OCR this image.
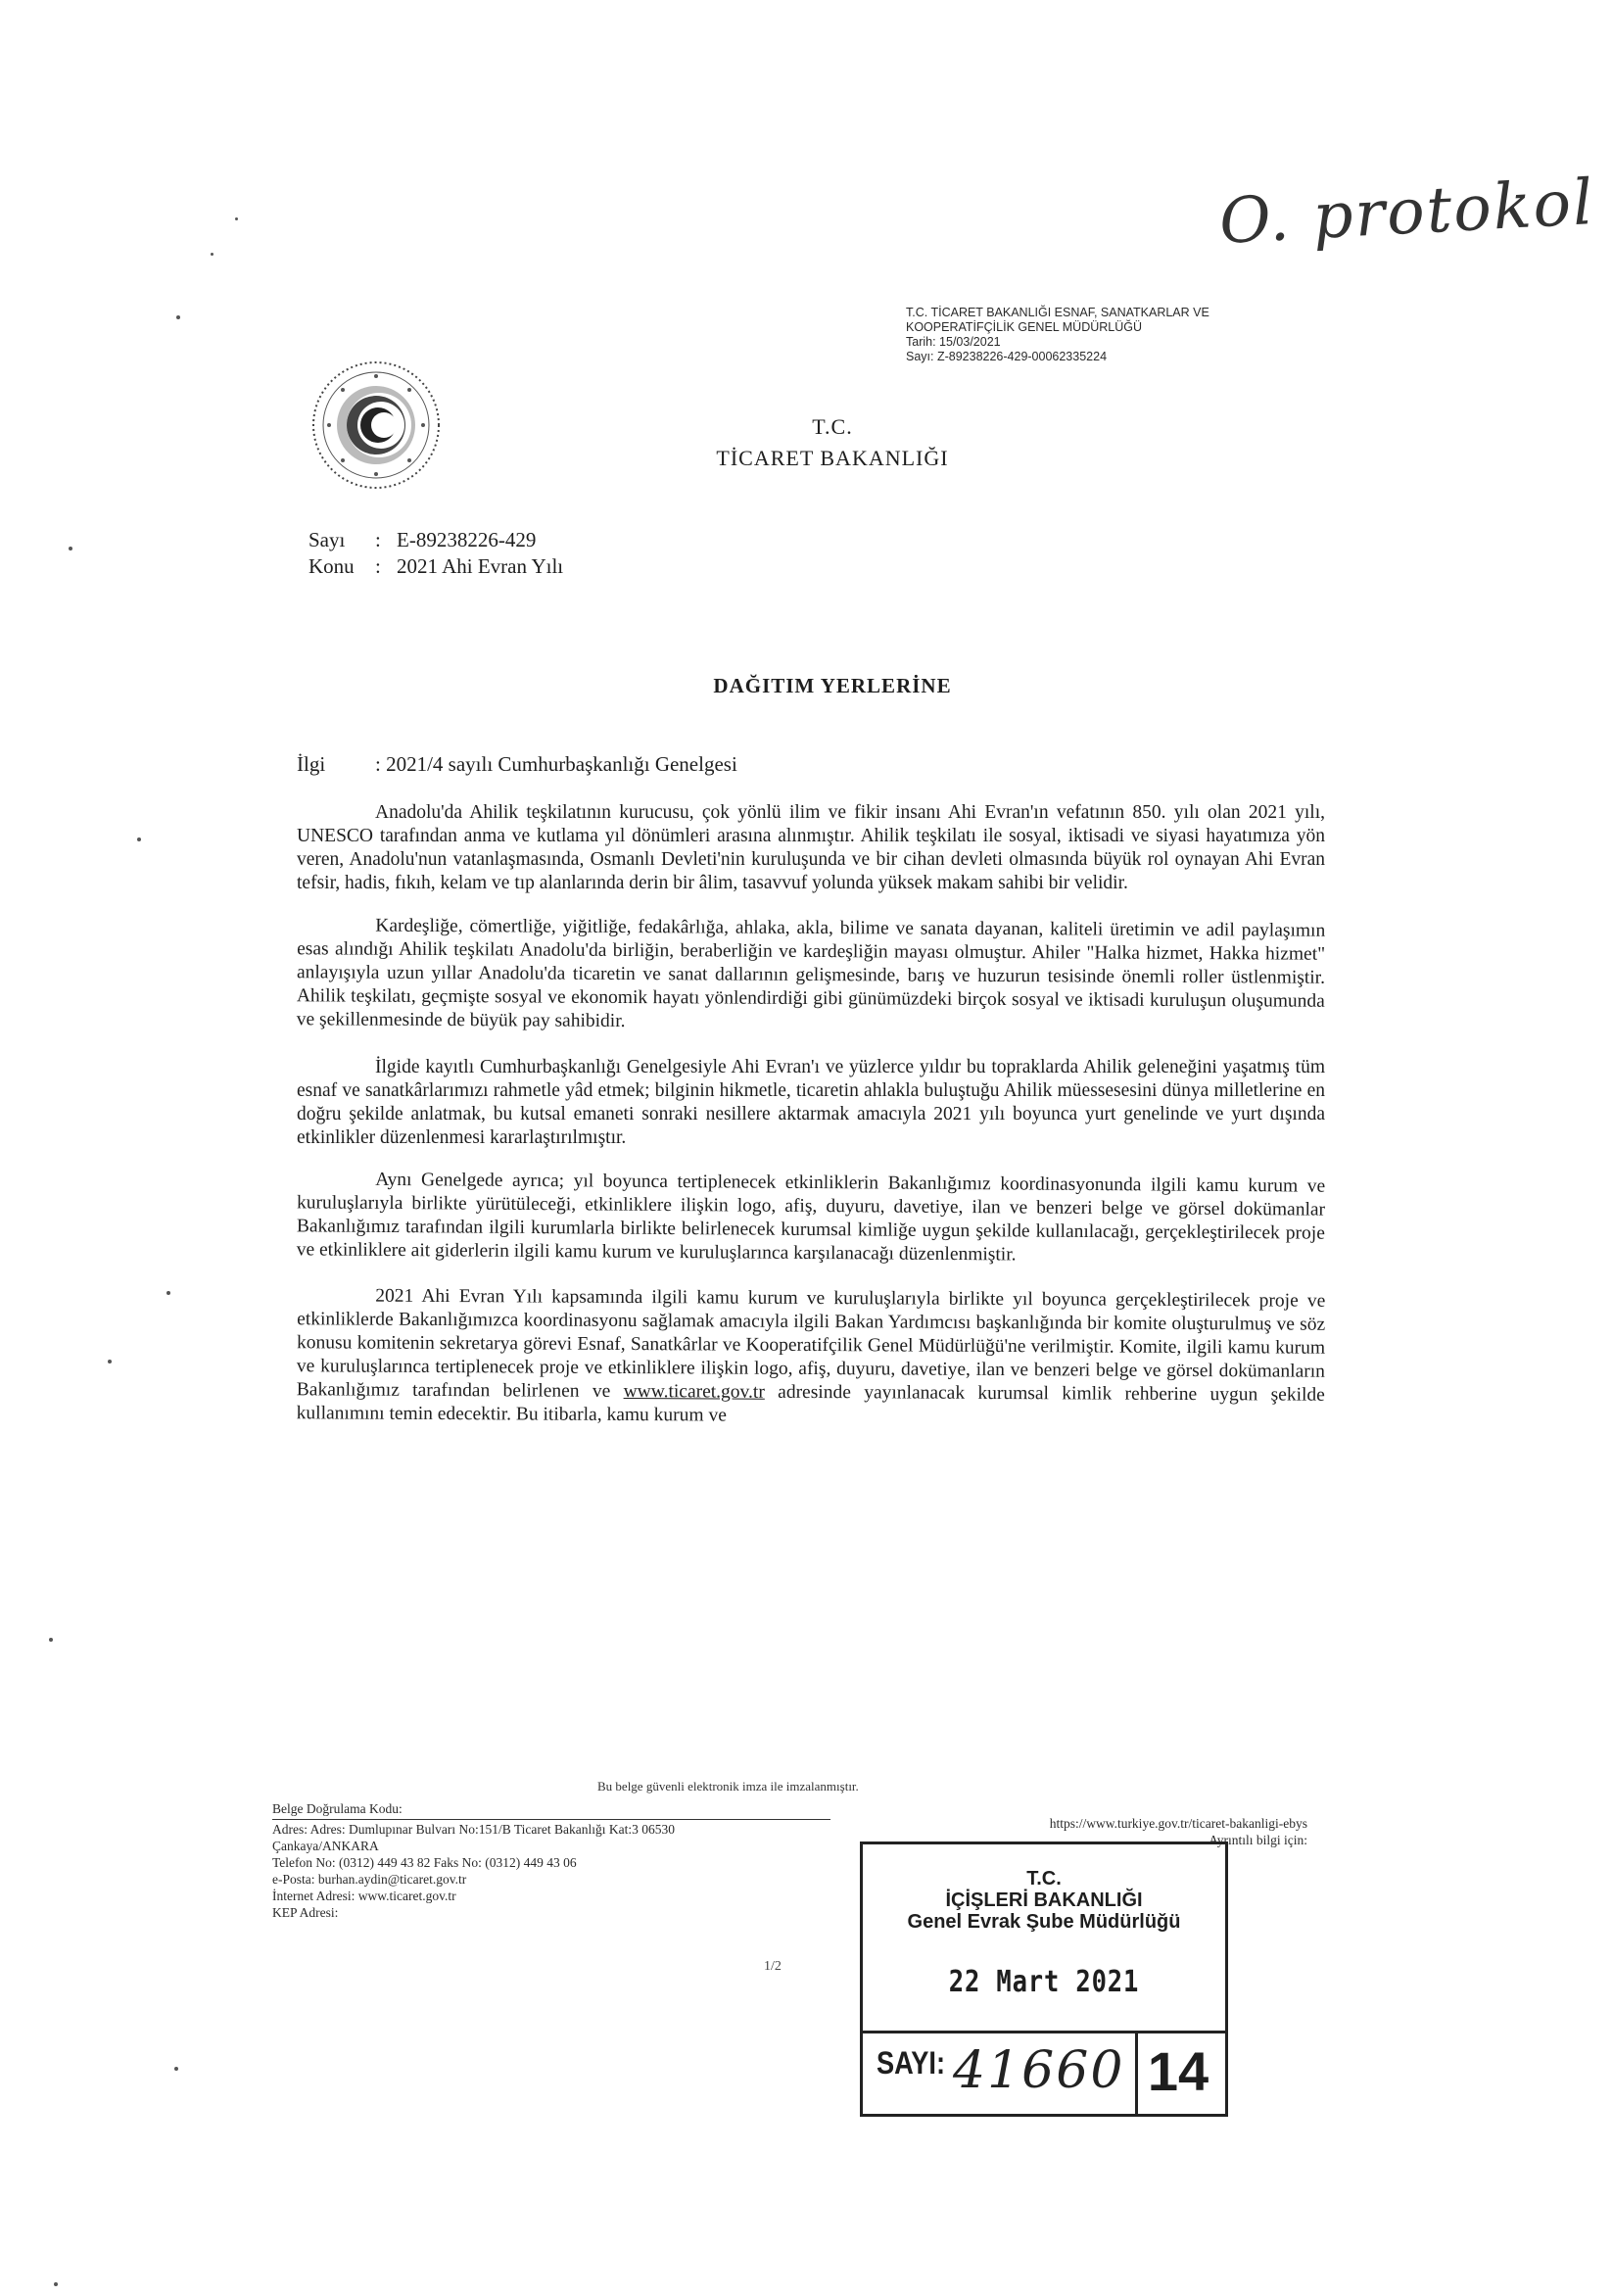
O. protokol
T.C. TİCARET BAKANLIĞI ESNAF, SANATKARLAR VE
KOOPERATİFÇİLİK GENEL MÜDÜRLÜĞÜ
Tarih: 15/03/2021
Sayı: Z-89238226-429-00062335224
T.C.
TİCARET BAKANLIĞI
Sayı	: E-89238226-429
Konu	: 2021 Ahi Evran Yılı
DAĞITIM YERLERİNE
İlgi	: 2021/4 sayılı Cumhurbaşkanlığı Genelgesi

Anadolu'da Ahilik teşkilatının kurucusu, çok yönlü ilim ve fikir insanı Ahi Evran'ın vefatının 850. yılı olan 2021 yılı, UNESCO tarafından anma ve kutlama yıl dönümleri arasına alınmıştır. Ahilik teşkilatı ile sosyal, iktisadi ve siyasi hayatımıza yön veren, Anadolu'nun vatanlaşmasında, Osmanlı Devleti'nin kuruluşunda ve bir cihan devleti olmasında büyük rol oynayan Ahi Evran tefsir, hadis, fıkıh, kelam ve tıp alanlarında derin bir âlim, tasavvuf yolunda yüksek makam sahibi bir velidir.

Kardeşliğe, cömertliğe, yiğitliğe, fedakârlığa, ahlaka, akla, bilime ve sanata dayanan, kaliteli üretimin ve adil paylaşımın esas alındığı Ahilik teşkilatı Anadolu'da birliğin, beraberliğin ve kardeşliğin mayası olmuştur. Ahiler "Halka hizmet, Hakka hizmet" anlayışıyla uzun yıllar Anadolu'da ticaretin ve sanat dallarının gelişmesinde, barış ve huzurun tesisinde önemli roller üstlenmiştir. Ahilik teşkilatı, geçmişte sosyal ve ekonomik hayatı yönlendirdiği gibi günümüzdeki birçok sosyal ve iktisadi kuruluşun oluşumunda ve şekillenmesinde de büyük pay sahibidir.

İlgide kayıtlı Cumhurbaşkanlığı Genelgesiyle Ahi Evran'ı ve yüzlerce yıldır bu topraklarda Ahilik geleneğini yaşatmış tüm esnaf ve sanatkârlarımızı rahmetle yâd etmek; bilginin hikmetle, ticaretin ahlakla buluştuğu Ahilik müessesesini dünya milletlerine en doğru şekilde anlatmak, bu kutsal emaneti sonraki nesillere aktarmak amacıyla 2021 yılı boyunca yurt genelinde ve yurt dışında etkinlikler düzenlenmesi kararlaştırılmıştır.

Aynı Genelgede ayrıca; yıl boyunca tertiplenecek etkinliklerin Bakanlığımız koordinasyonunda ilgili kamu kurum ve kuruluşlarıyla birlikte yürütüleceği, etkinliklere ilişkin logo, afiş, duyuru, davetiye, ilan ve benzeri belge ve görsel dokümanlar Bakanlığımız tarafından ilgili kurumlarla birlikte belirlenecek kurumsal kimliğe uygun şekilde kullanılacağı, gerçekleştirilecek proje ve etkinliklere ait giderlerin ilgili kamu kurum ve kuruluşlarınca karşılanacağı düzenlenmiştir.

2021 Ahi Evran Yılı kapsamında ilgili kamu kurum ve kuruluşlarıyla birlikte yıl boyunca gerçekleştirilecek proje ve etkinliklerde Bakanlığımızca koordinasyonu sağlamak amacıyla ilgili Bakan Yardımcısı başkanlığında bir komite oluşturulmuş ve söz konusu komitenin sekretarya görevi Esnaf, Sanatkârlar ve Kooperatifçilik Genel Müdürlüğü'ne verilmiştir. Komite, ilgili kamu kurum ve kuruluşlarınca tertiplenecek proje ve etkinliklere ilişkin logo, afiş, duyuru, davetiye, ilan ve benzeri belge ve görsel dokümanların Bakanlığımız tarafından belirlenen ve www.ticaret.gov.tr adresinde yayınlanacak kurumsal kimlik rehberine uygun şekilde kullanımını temin edecektir. Bu itibarla, kamu kurum ve

Bu belge güvenli elektronik imza ile imzalanmıştır.
Belge Doğrulama Kodu:
Adres: Adres: Dumlupınar Bulvarı No:151/B Ticaret Bakanlığı Kat:3 06530
Çankaya/ANKARA
Telefon No: (0312) 449 43 82 Faks No: (0312) 449 43 06
e-Posta: burhan.aydin@ticaret.gov.tr
İnternet Adresi: www.ticaret.gov.tr
KEP Adresi:
https://www.turkiye.gov.tr/ticaret-bakanligi-ebys
Ayrıntılı bilgi için:
1/2
T.C.
İÇİŞLERİ BAKANLIĞI
Genel Evrak Şube Müdürlüğü
22 Mart 2021
SAYI: 41660 14
